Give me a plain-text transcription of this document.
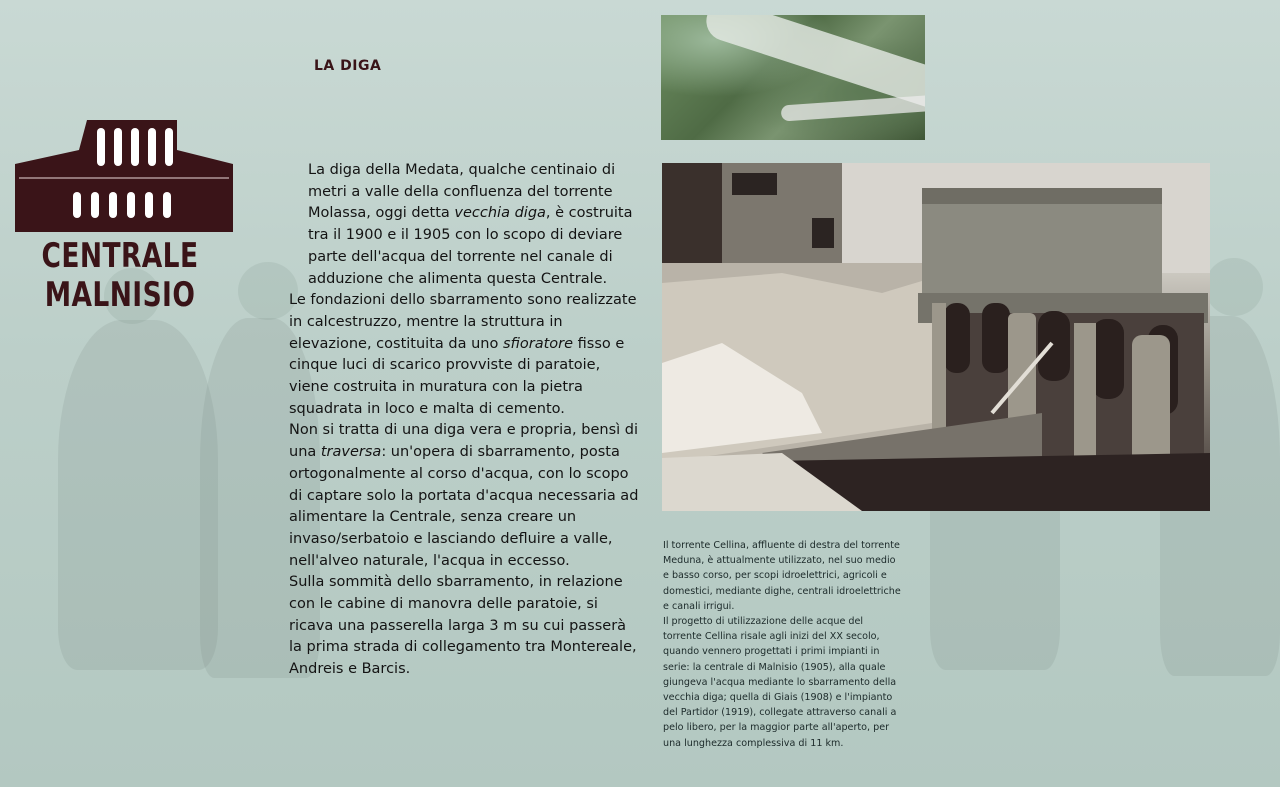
CENTRALE
MALNISIO
LA DIGA

La diga della Medata, qualche centinaio di metri a valle della confluenza del torrente Molassa, oggi detta vecchia diga, è costruita tra il 1900 e il 1905 con lo scopo di deviare parte dell'acqua del torrente nel canale di adduzione che alimenta questa Centrale.

Le fondazioni dello sbarramento sono realizzate in calcestruzzo, mentre la struttura in elevazione, costituita da uno sfioratore fisso e cinque luci di scarico provviste di paratoie, viene costruita in muratura con la pietra squadrata in loco e malta di cemento.

Non si tratta di una diga vera e propria, bensì di una traversa: un'opera di sbarramento, posta ortogonalmente al corso d'acqua, con lo scopo di captare solo la portata d'acqua necessaria ad alimentare la Centrale, senza creare un invaso/serbatoio e lasciando defluire a valle, nell'alveo naturale, l'acqua in eccesso.

Sulla sommità dello sbarramento, in relazione con le cabine di manovra delle paratoie, si ricava una passerella larga 3 m su cui passerà la prima strada di collegamento tra Montereale, Andreis e Barcis.

Il torrente Cellina, affluente di destra del torrente Meduna, è attualmente utilizzato, nel suo medio e basso corso, per scopi idroelettrici, agricoli e domestici, mediante dighe, centrali idroelettriche e canali irrigui.

Il progetto di utilizzazione delle acque del torrente Cellina risale agli inizi del XX secolo, quando vennero progettati i primi impianti in serie: la centrale di Malnisio (1905), alla quale giungeva l'acqua mediante lo sbarramento della vecchia diga; quella di Giais (1908) e l'impianto del Partidor (1919), collegate attraverso canali a pelo libero, per la maggior parte all'aperto, per una lunghezza complessiva di 11 km.
